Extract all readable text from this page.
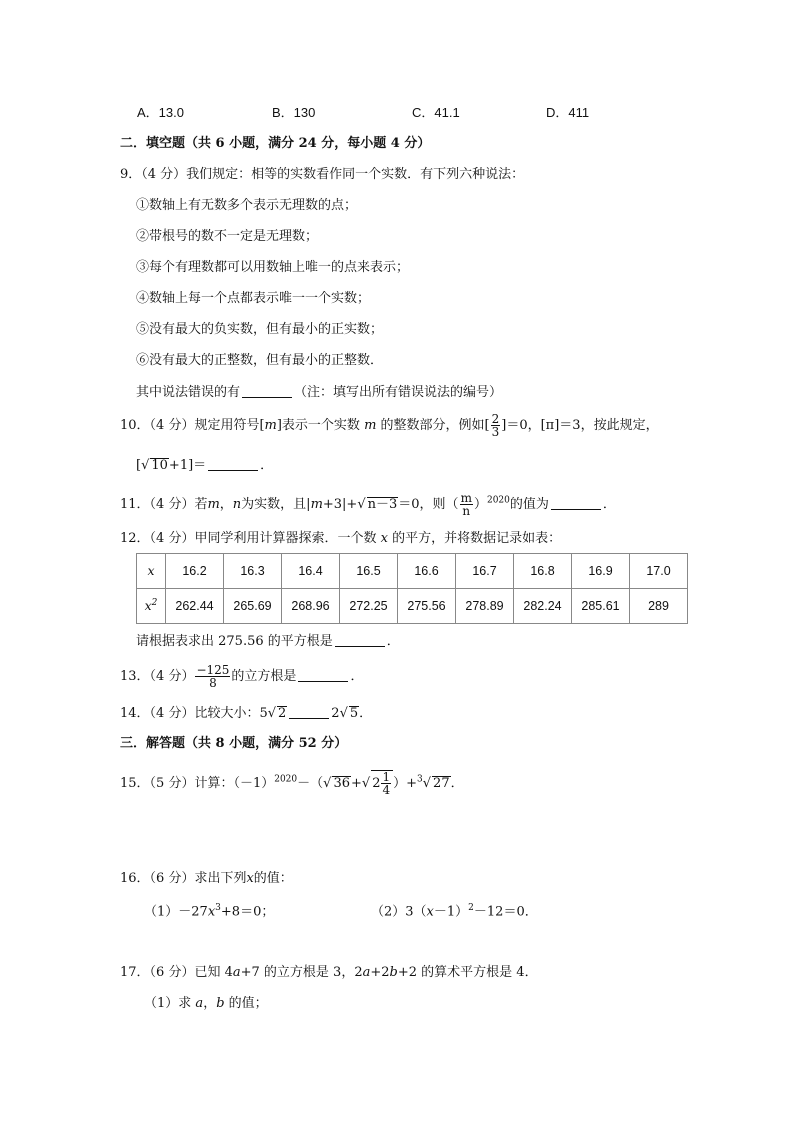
A．13.0	B．130	C．41.1	D．411
二．填空题（共 6 小题，满分 24 分，每小题 4 分）
9．（4 分）我们规定：相等的实数看作同一个实数．有下列六种说法：
①数轴上有无数多个表示无理数的点；
②带根号的数不一定是无理数；
③每个有理数都可以用数轴上唯一的点来表示；
④数轴上每一个点都表示唯一一个实数；
⑤没有最大的负实数，但有最小的正实数；
⑥没有最大的正整数，但有最小的正整数．
其中说法错误的有	（注：填写出所有错误说法的编号）
10．（4 分）规定用符号[m]表示一个实数 m 的整数部分，例如[ $\frac{2}{3} ]=0$，[π]＝3，按此规定，
[√ 10+1]＝	．
11．（4 分）若m，n为实数，且|m+3|+√ n－3＝0，则（ $\frac{m}{n} )^{2020}$的值为	．
12．（4 分）甲同学利用计算器探索．一个数 x 的平方，并将数据记录如表：
x	16.2	16.3	16.4	16.5	16.6	16.7	16.8	16.9	17.0
$x^2$	262.44	265.69	268.96	272.25	275.56	278.89	282.24	285.61	289
请根据表求出 275.56 的平方根是	．
13．（4 分） $\frac{-125}{8}$ 的立方根是	．
14．（4 分）比较大小：5√ 2	2√ 5．
三．解答题（共 8 小题，满分 52 分）
15．（5 分）计算：$(-1)^{2020}-(√$ 36+√ $2 \frac{1}{4} )+^3√$ 27．
16．（6 分）求出下列x的值：
$(1)-27x^3+8=0$；	$(2)3(x-1)^2-12=0$．
17．（6 分）已知 4a+7 的立方根是 3，2a+2b+2 的算术平方根是 4．
（1）求 a，b 的值；
